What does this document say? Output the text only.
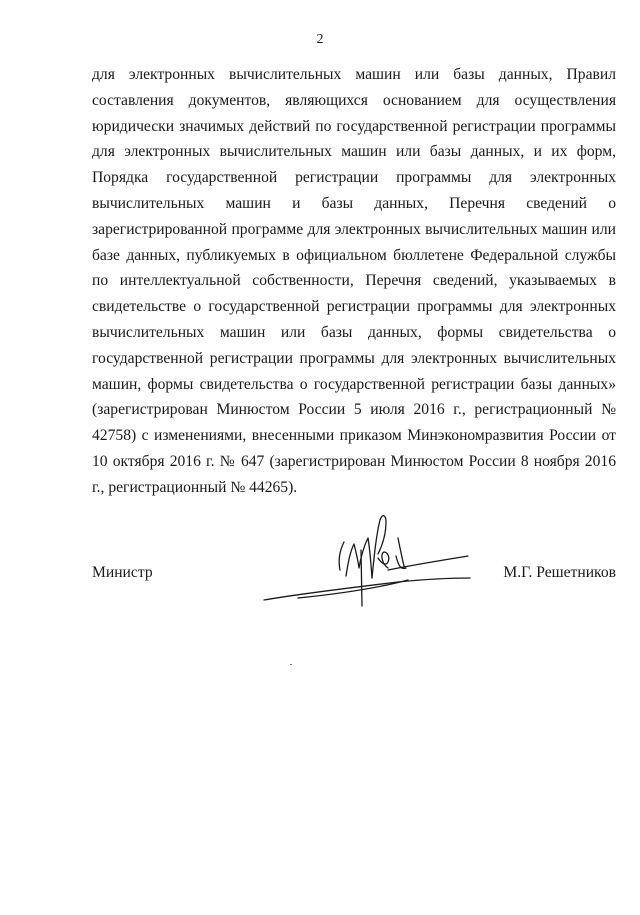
2

для электронных вычислительных машин или базы данных, Правил составления документов, являющихся основанием для осуществления юридически значимых действий по государственной регистрации программы для электронных вычислительных машин или базы данных, и их форм, Порядка государственной регистрации программы для электронных вычислительных машин и базы данных, Перечня сведений о зарегистрированной программе для электронных вычислительных машин или базе данных, публикуемых в официальном бюллетене Федеральной службы по интеллектуальной собственности, Перечня сведений, указываемых в свидетельстве о государственной регистрации программы для электронных вычислительных машин или базы данных, формы свидетельства о государственной регистрации программы для электронных вычислительных машин, формы свидетельства о государственной регистрации базы данных» (зарегистрирован Минюстом России 5 июля 2016 г., регистрационный № 42758) с изменениями, внесенными приказом Минэкономразвития России от 10 октября 2016 г. № 647 (зарегистрирован Минюстом России 8 ноября 2016 г., регистрационный № 44265).

Министр	М.Г. Решетников
